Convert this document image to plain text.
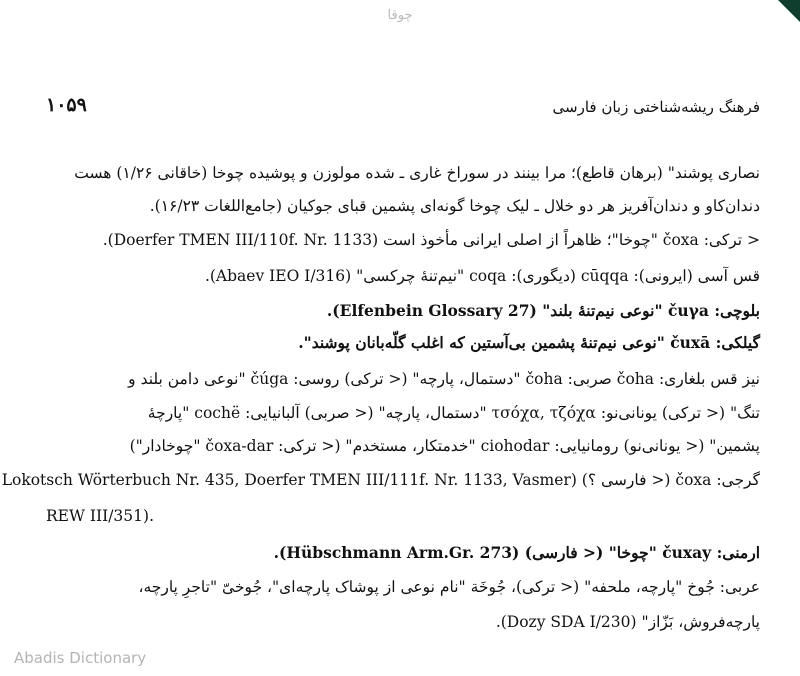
چوقا
۱۰۵۹	فرهنگ ریشه‌شناختی زبان فارسی
نصاری پوشند" (برهان قاطع)؛ مرا بینند در سوراخ غاری ـ شده مولوزن و پوشیده چوخا (خاقانی ۱/۲۶) هست
دندان‌کاو و دندان‌آفریز هر دو خلال ـ لیک چوخا گونه‌ای پشمین قبای جوکیان (جامع‌اللغات ۱۶/۲۳).
< ترکی: čoxa "چوخا"؛ ظاهراً از اصلی ایرانی مأخوذ است (Doerfer TMEN III/110f. Nr. 1133).
قس آسی (ایرونی): cūqqa (دیگوری): coqa "نیم‌تنهٔ چرکسی" (Abaev IEO I/316).
بلوچی: čuγa "نوعی نیم‌تنهٔ بلند" (Elfenbein Glossary 27).
گیلکی: čuxā "نوعی نیم‌تنهٔ پشمین بی‌آستین که اغلب گلّه‌بانان پوشند".
نیز قس بلغاری: čoha صربی: čoha "دستمال، پارچه" (< ترکی) روسی: čúga "نوعی دامن بلند و
تنگ" (< ترکی) یونانی‌نو: τσόχα, τζόχα "دستمال، پارچه" (< صربی) آلبانیایی: cochë "پارچهٔ
پشمین" (< یونانی‌نو) رومانیایی: ciohodar "خدمتکار، مستخدم" (< ترکی: čoxa-dar "چوخادار")
گرجی: čoxa (< فارسی ؟) (Lokotsch Wörterbuch Nr. 435, Doerfer TMEN III/111f. Nr. 1133, Vasmer
REW III/351).
ارمنی: čuxay "چوخا" (< فارسی) (Hübschmann Arm.Gr. 273).
عربی: جُوخ "پارچه، ملحفه" (< ترکی)، جُوخَة "نام نوعی از پوشاک پارچه‌ای"، جُوخیّ "تاجرِ پارچه،
پارچه‌فروش، بَزّاز" (Dozy SDA I/230).
Abadis Dictionary
